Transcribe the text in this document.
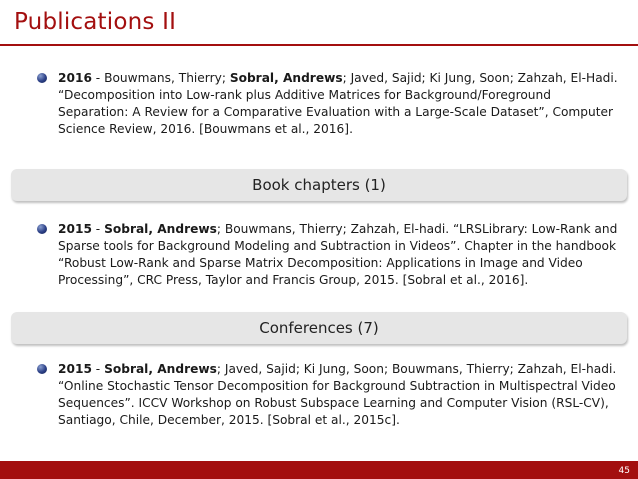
Publications II
2016 - Bouwmans, Thierry; Sobral, Andrews; Javed, Sajid; Ki Jung, Soon; Zahzah, El-Hadi. “Decomposition into Low-rank plus Additive Matrices for Background/Foreground Separation: A Review for a Comparative Evaluation with a Large-Scale Dataset”, Computer Science Review, 2016. [Bouwmans et al., 2016].
Book chapters (1)
2015 - Sobral, Andrews; Bouwmans, Thierry; Zahzah, El-hadi. “LRSLibrary: Low-Rank and Sparse tools for Background Modeling and Subtraction in Videos”. Chapter in the handbook “Robust Low-Rank and Sparse Matrix Decomposition: Applications in Image and Video Processing”, CRC Press, Taylor and Francis Group, 2015. [Sobral et al., 2016].
Conferences (7)
2015 - Sobral, Andrews; Javed, Sajid; Ki Jung, Soon; Bouwmans, Thierry; Zahzah, El-hadi. “Online Stochastic Tensor Decomposition for Background Subtraction in Multispectral Video Sequences”. ICCV Workshop on Robust Subspace Learning and Computer Vision (RSL-CV), Santiago, Chile, December, 2015. [Sobral et al., 2015c].
45
